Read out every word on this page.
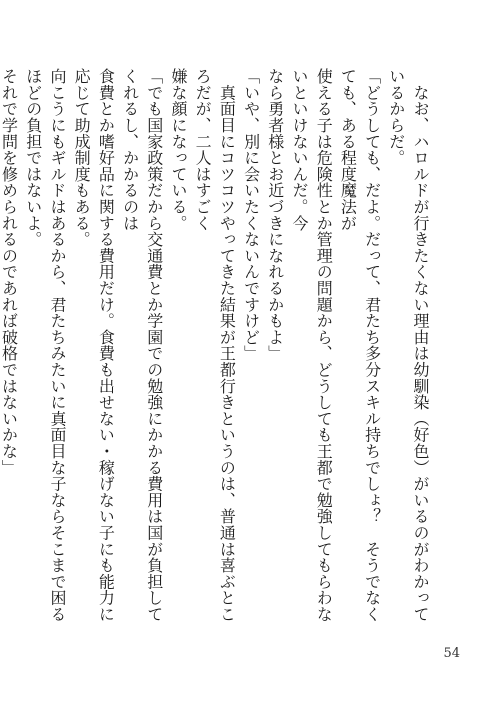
　なお、ハロルドが行きたくない理由は幼馴染（好色）がいるのがわかっているからだ。
「どうしても、だよ。だって、君たち多分スキル持ちでしょ？　そうでなくても、ある程度魔法が
使える子は危険性とか管理の問題から、どうしても王都で勉強してもらわないといけないんだ。今
なら勇者様とお近づきになれるかもよ」
「いや、別に会いたくないんですけど」
　真面目にコツコツやってきた結果が王都行きというのは、普通は喜ぶところだが、二人はすごく
嫌な顔になっている。
「でも国家政策だから交通費とか学園での勉強にかかる費用は国が負担してくれるし、かかるのは
食費とか嗜好品に関する費用だけ。食費も出せない・稼げない子にも能力に応じて助成制度もある。
向こうにもギルドはあるから、君たちみたいに真面目な子ならそこまで困るほどの負担ではないよ。
それで学問を修められるのであれば破格ではないかな」
54
